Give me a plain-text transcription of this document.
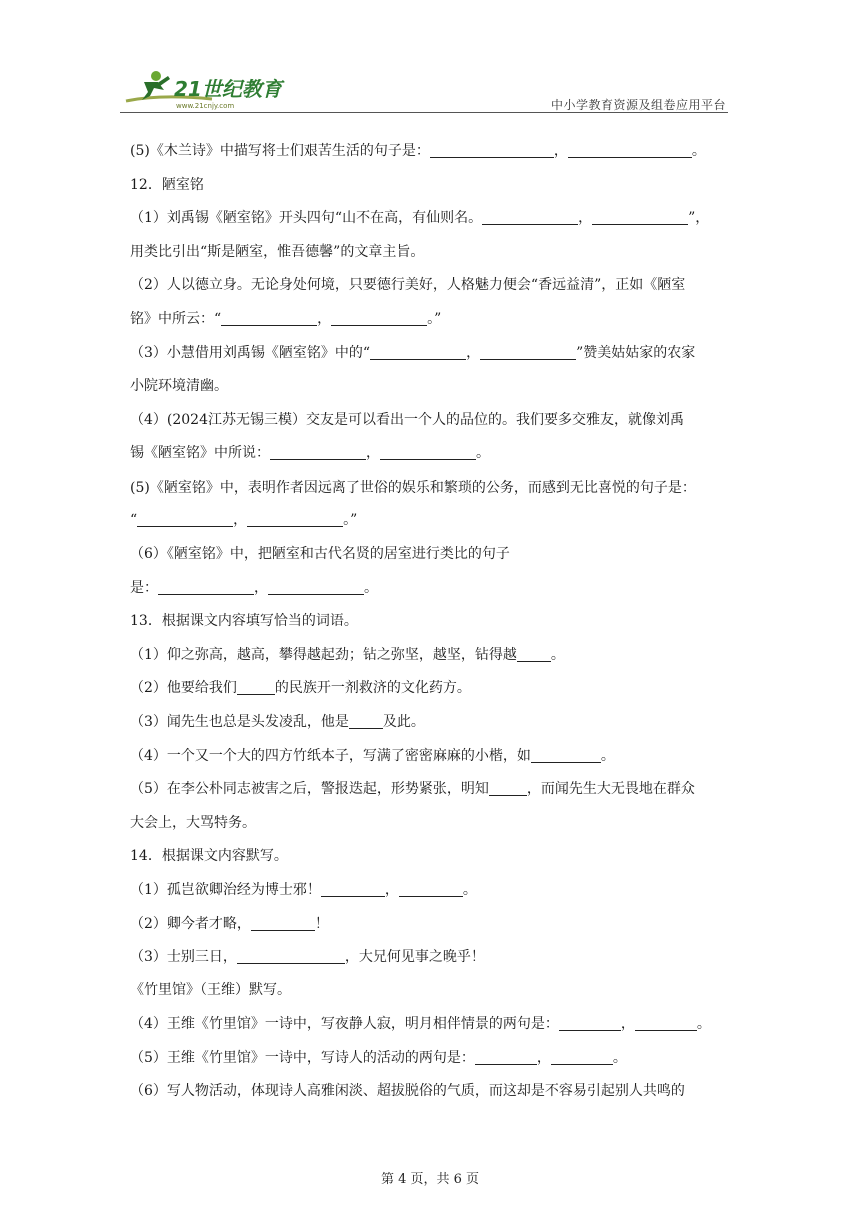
21世纪教育
www.21cnjy.com	中小学教育资源及组卷应用平台
(5)《木兰诗》中描写将士们艰苦生活的句子是：	，	。
12．陋室铭
（1）刘禹锡《陋室铭》开头四句“山不在高，有仙则名。	，	”，
用类比引出“斯是陋室，惟吾德馨”的文章主旨。
（2）人以德立身。无论身处何境，只要德行美好，人格魅力便会“香远益清”，正如《陋室
铭》中所云：“	，	。”
（3）小慧借用刘禹锡《陋室铭》中的“	，	”赞美姑姑家的农家
小院环境清幽。
（4）(2024江苏无锡三模）交友是可以看出一个人的品位的。我们要多交雅友，就像刘禹
锡《陋室铭》中所说：	，	。
(5)《陋室铭》中，表明作者因远离了世俗的娱乐和繁琐的公务，而感到无比喜悦的句子是：
“	，	。”
（6）《陋室铭》中，把陋室和古代名贤的居室进行类比的句子
是：	，	。
13．根据课文内容填写恰当的词语。
（1）仰之弥高，越高，攀得越起劲；钻之弥坚，越坚，钻得越 。
（2）他要给我们	的民族开一剂救济的文化药方。
（3）闻先生也总是头发凌乱，他是 及此。
（4）一个又一个大的四方竹纸本子，写满了密密麻麻的小楷，如	。
（5）在李公朴同志被害之后，警报迭起，形势紧张，明知	，而闻先生大无畏地在群众
大会上，大骂特务。
14．根据课文内容默写。
（1）孤岂欲卿治经为博士邪！	，	。
（2）卿今者才略，	！
（3）士别三日，	，大兄何见事之晚乎！
《竹里馆》（王维）默写。
（4）王维《竹里馆》一诗中，写夜静人寂，明月相伴情景的两句是：	，	。
（5）王维《竹里馆》一诗中，写诗人的活动的两句是：	，	。
（6）写人物活动，体现诗人高雅闲淡、超拔脱俗的气质，而这却是不容易引起别人共鸣的
第 4 页，共 6 页
